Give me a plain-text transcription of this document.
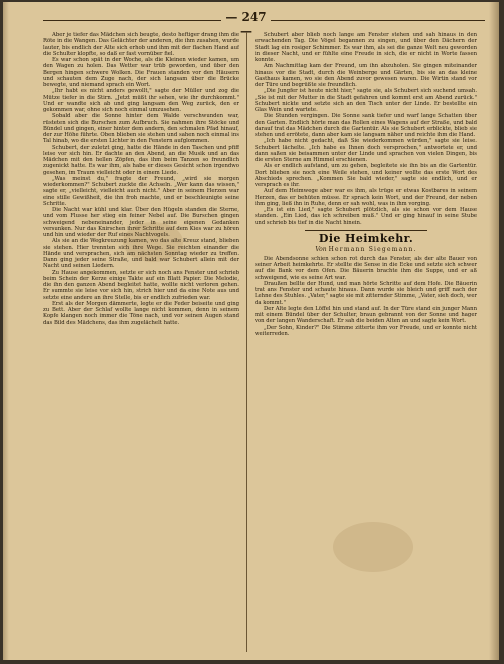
— 247 —

Aber je tiefer das Mädchen sich beugte, desto heftiger drang ihm die Röte in die Wangen. Das Gelächter der anderen, die ihm zusahen, wurde lauter, bis endlich der Alte sich erhob und ihm mit der flachen Hand auf die Schulter klopfte, so daß er fast vornüber fiel.

Es war schon spät in der Woche, als die Kleinen wieder kamen, um den Wagen zu holen. Das Wetter war trüb geworden, und über den Bergen hingen schwere Wolken. Die Frauen standen vor den Häusern und schauten dem Zuge nach, der sich langsam über die Brücke bewegte, und niemand sprach ein Wort.

„Ihr habt es nicht anders gewollt," sagte der Müller und zog die Mütze tiefer in die Stirn. „Jetzt müßt ihr sehen, wie ihr durchkommt." Und er wandte sich ab und ging langsam den Weg zurück, den er gekommen war, ohne sich noch einmal umzusehen.

Sobald aber die Sonne hinter dem Walde verschwunden war, rüsteten sich die Burschen zum Aufbruch. Sie nahmen ihre Stöcke und Bündel und gingen, einer hinter dem andern, den schmalen Pfad hinauf, der zur Höhe führte. Oben blieben sie stehen und sahen noch einmal ins Tal hinab, wo die ersten Lichter in den Fenstern aufglommen.

Schubert, der zuletzt ging, hatte die Hände in den Taschen und pfiff leise vor sich hin. Er dachte an den Abend, an die Musik und an das Mädchen mit den hellen Zöpfen, das ihm beim Tanzen so freundlich zugenickt hatte. Es war ihm, als habe er dieses Gesicht schon irgendwo gesehen, im Traum vielleicht oder in einem Liede.

„Was meinst du," fragte der Freund, „wird sie morgen wiederkommen?" Schubert zuckte die Achseln. „Wer kann das wissen," sagte er, „vielleicht, vielleicht auch nicht." Aber in seinem Herzen war eine stille Gewißheit, die ihn froh machte, und er beschleunigte seine Schritte.

Die Nacht war kühl und klar. Über den Hügeln standen die Sterne, und vom Flusse her stieg ein feiner Nebel auf. Die Burschen gingen schweigend nebeneinander, jeder in seine eigenen Gedanken versunken. Nur das Knirschen ihrer Schritte auf dem Kies war zu hören und hin und wieder der Ruf eines Nachtvogels.

Als sie an die Wegkreuzung kamen, wo das alte Kreuz stand, blieben sie stehen. Hier trennten sich ihre Wege. Sie reichten einander die Hände und versprachen, sich am nächsten Sonntag wieder zu treffen. Dann ging jeder seine Straße, und bald war Schubert allein mit der Nacht und seinen Liedern.

Zu Hause angekommen, setzte er sich noch ans Fenster und schrieb beim Schein der Kerze einige Takte auf ein Blatt Papier. Die Melodie, die ihn den ganzen Abend begleitet hatte, wollte nicht verloren gehen. Er summte sie leise vor sich hin, strich hier und da eine Note aus und setzte eine andere an ihre Stelle, bis er endlich zufrieden war.

Erst als der Morgen dämmerte, legte er die Feder beiseite und ging zu Bett. Aber der Schlaf wollte lange nicht kommen, denn in seinem Kopfe klangen noch immer die Töne nach, und vor seinen Augen stand das Bild des Mädchens, das ihm zugelächelt hatte.

Schubert aber blieb noch lange am Fenster stehen und sah hinaus in den erwachenden Tag. Die Vögel begannen zu singen, und über den Dächern der Stadt lag ein rosiger Schimmer. Es war ihm, als sei die ganze Welt neu geworden in dieser Nacht, und er fühlte eine Freude in sich, die er nicht in Worte fassen konnte.

Am Nachmittag kam der Freund, um ihn abzuholen. Sie gingen miteinander hinaus vor die Stadt, durch die Weinberge und Gärten, bis sie an das kleine Gasthaus kamen, wo sie den Abend zuvor gewesen waren. Die Wirtin stand vor der Türe und begrüßte sie freundlich.

„Die Jungfer ist heute nicht hier," sagte sie, als Schubert sich suchend umsah. „Sie ist mit der Mutter in die Stadt gefahren und kommt erst am Abend zurück." Schubert nickte und setzte sich an den Tisch unter der Linde. Er bestellte ein Glas Wein und wartete.

Die Stunden vergingen. Die Sonne sank tiefer und warf lange Schatten über den Garten. Endlich hörte man das Rollen eines Wagens auf der Straße, und bald darauf trat das Mädchen durch die Gartentür. Als sie Schubert erblickte, blieb sie stehen und errötete, dann aber kam sie langsam näher und reichte ihm die Hand.

„Ich habe nicht gedacht, daß Sie wiederkommen würden," sagte sie leise. Schubert lächelte. „Ich habe es Ihnen doch versprochen," antwortete er, und dann saßen sie beisammen unter der Linde und sprachen von vielen Dingen, bis die ersten Sterne am Himmel erschienen.

Als er endlich aufstand, um zu gehen, begleitete sie ihn bis an die Gartentür. Dort blieben sie noch eine Weile stehen, und keiner wollte das erste Wort des Abschieds sprechen. „Kommen Sie bald wieder," sagte sie endlich, und er versprach es ihr.

Auf dem Heimwege aber war es ihm, als trüge er etwas Kostbares in seinem Herzen, das er behüten müsse. Er sprach kein Wort, und der Freund, der neben ihm ging, ließ ihn in Ruhe, denn er sah wohl, was in ihm vorging.

„Es ist ein Lied," sagte Schubert plötzlich, als sie schon vor dem Hause standen. „Ein Lied, das ich schreiben muß." Und er ging hinauf in seine Stube und schrieb bis tief in die Nacht hinein.

Die Heimkehr.
Von Hermann Siegemann.

Die Abendsonne schien schon rot durch das Fenster, als der alte Bauer von seiner Arbeit heimkehrte. Er stellte die Sense in die Ecke und setzte sich schwer auf die Bank vor dem Ofen. Die Bäuerin brachte ihm die Suppe, und er aß schweigend, wie es seine Art war.

Draußen bellte der Hund, und man hörte Schritte auf dem Hofe. Die Bäuerin trat ans Fenster und schaute hinaus. Dann wurde sie bleich und griff nach der Lehne des Stuhles. „Vater," sagte sie mit zitternder Stimme, „Vater, sieh doch, wer da kommt."

Der Alte legte den Löffel hin und stand auf. In der Türe stand ein junger Mann mit einem Bündel über der Schulter, braun gebrannt von der Sonne und hager von der langen Wanderschaft. Er sah die beiden Alten an und sagte kein Wort.

„Der Sohn, Kinder?" Die Stimme zitterte ihm vor Freude, und er konnte nicht weiterreden.
